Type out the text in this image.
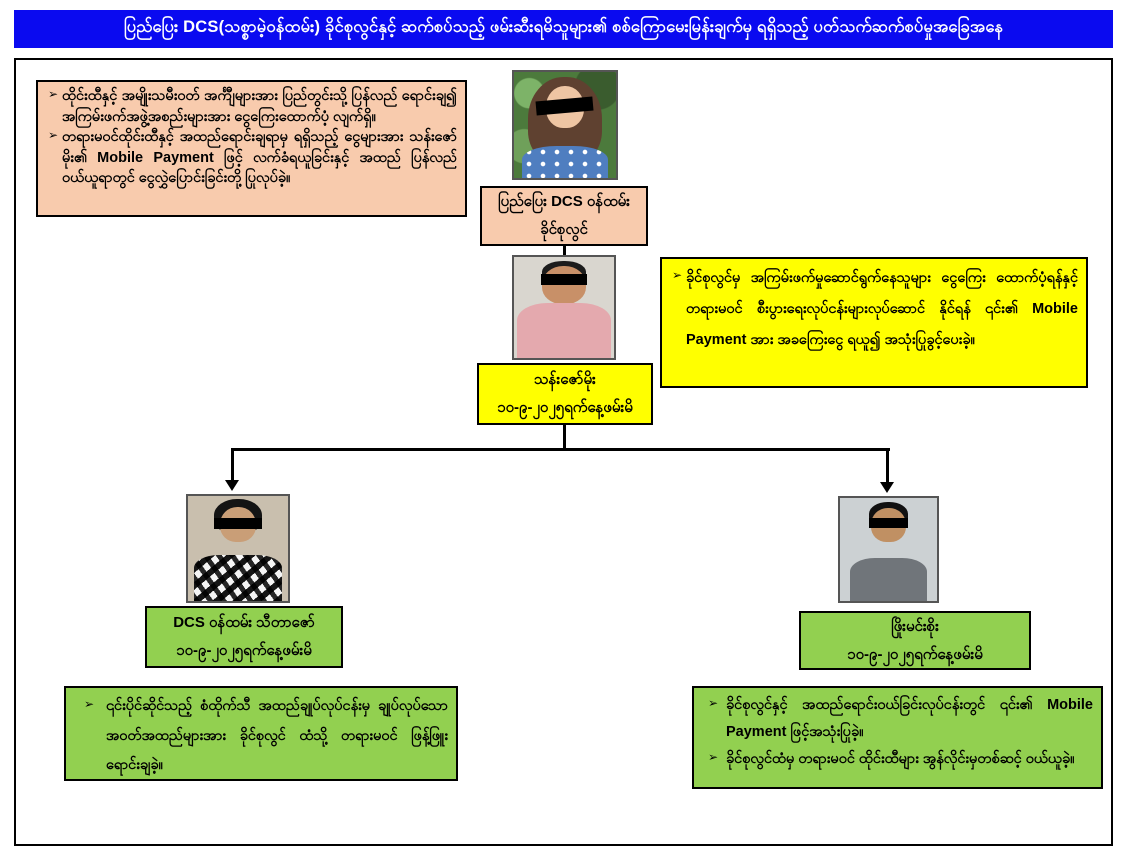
ပြည်ပြေး DCS(သစ္စာမဲ့ဝန်ထမ်း) ခိုင်စုလွင်နှင့် ဆက်စပ်သည့် ဖမ်းဆီးရမိသူများ၏ စစ်ကြောမေးမြန်းချက်မှ ရရှိသည့် ပတ်သက်ဆက်စပ်မှုအခြေအနေ
➢ ထိုင်းထီနှင့် အမျိုးသမီးဝတ် အင်္ကျီများအား ပြည်တွင်းသို့ ပြန်လည် ရောင်းချ၍ အကြမ်းဖက်အဖွဲ့အစည်းများအား ငွေကြေးထောက်ပံ့ လျက်ရှိ။
➢ တရားမဝင်ထိုင်းထီနှင့် အထည်ရောင်းချရာမှ ရရှိသည့် ငွေများအား သန်းဇော်မိုး၏ Mobile Payment ဖြင့် လက်ခံရယူခြင်းနှင့် အထည် ပြန်လည် ဝယ်ယူရာတွင် ငွေလွှဲပြောင်းခြင်းတို့ ပြုလုပ်ခဲ့။
ပြည်ပြေး DCS ဝန်ထမ်း
ခိုင်စုလွင်
သန်းဇော်မိုး
၁၀-၉-၂၀၂၅ရက်နေ့ဖမ်းမိ
➢ ခိုင်စုလွင်မှ အကြမ်းဖက်မှုဆောင်ရွက်နေသူများ ငွေကြေး ထောက်ပံ့ရန်နှင့် တရားမဝင် စီးပွားရေးလုပ်ငန်းများလုပ်ဆောင် နိုင်ရန် ၎င်း၏ Mobile Payment အား အခကြေးငွေ ရယူ၍ အသုံးပြုခွင့်ပေးခဲ့။
DCS ဝန်ထမ်း သီတာဇော်
၁၀-၉-၂၀၂၅ရက်နေ့ဖမ်းမိ
➢ ၎င်းပိုင်ဆိုင်သည့် စံထိုက်သီ အထည်ချုပ်လုပ်ငန်းမှ ချုပ်လုပ်သော အဝတ်အထည်များအား ခိုင်စုလွင် ထံသို့ တရားမဝင် ဖြန့်ဖြူးရောင်းချခဲ့။
ဖြိုးမင်းစိုး
၁၀-၉-၂၀၂၅ရက်နေ့ဖမ်းမိ
➢ ခိုင်စုလွင်နှင့် အထည်ရောင်းဝယ်ခြင်းလုပ်ငန်းတွင် ၎င်း၏ Mobile Payment ဖြင့်အသုံးပြုခဲ့။
➢ ခိုင်စုလွင်ထံမှ တရားမဝင် ထိုင်းထီများ အွန်လိုင်းမှတစ်ဆင့် ဝယ်ယူခဲ့။
